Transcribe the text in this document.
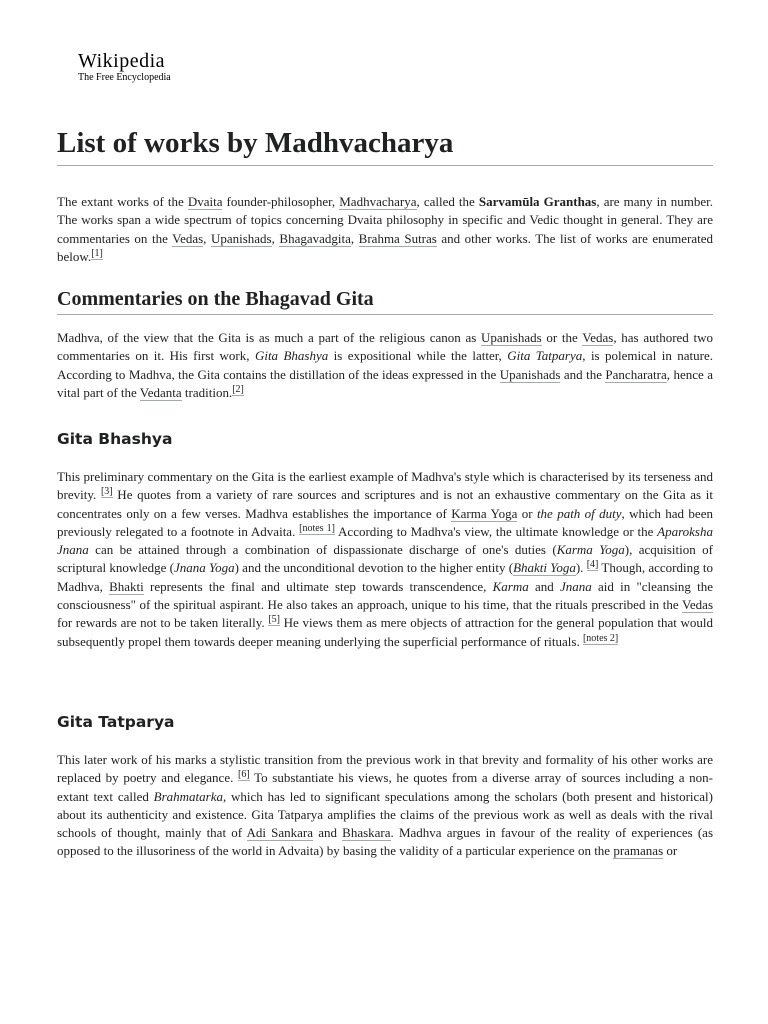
Wikipedia
The Free Encyclopedia
List of works by Madhvacharya

The extant works of the Dvaita founder-philosopher, Madhvacharya, called the Sarvamūla Granthas, are many in number. The works span a wide spectrum of topics concerning Dvaita philosophy in specific and Vedic thought in general. They are commentaries on the Vedas, Upanishads, Bhagavadgita, Brahma Sutras and other works. The list of works are enumerated below.[1]

Commentaries on the Bhagavad Gita

Madhva, of the view that the Gita is as much a part of the religious canon as Upanishads or the Vedas, has authored two commentaries on it. His first work, Gita Bhashya is expositional while the latter, Gita Tatparya, is polemical in nature. According to Madhva, the Gita contains the distillation of the ideas expressed in the Upanishads and the Pancharatra, hence a vital part of the Vedanta tradition.[2]

Gita Bhashya

This preliminary commentary on the Gita is the earliest example of Madhva's style which is characterised by its terseness and brevity. [3] He quotes from a variety of rare sources and scriptures and is not an exhaustive commentary on the Gita as it concentrates only on a few verses. Madhva establishes the importance of Karma Yoga or the path of duty, which had been previously relegated to a footnote in Advaita. [notes 1] According to Madhva's view, the ultimate knowledge or the Aparoksha Jnana can be attained through a combination of dispassionate discharge of one's duties (Karma Yoga), acquisition of scriptural knowledge (Jnana Yoga) and the unconditional devotion to the higher entity (Bhakti Yoga). [4] Though, according to Madhva, Bhakti represents the final and ultimate step towards transcendence, Karma and Jnana aid in "cleansing the consciousness" of the spiritual aspirant. He also takes an approach, unique to his time, that the rituals prescribed in the Vedas for rewards are not to be taken literally. [5] He views them as mere objects of attraction for the general population that would subsequently propel them towards deeper meaning underlying the superficial performance of rituals. [notes 2]

Gita Tatparya

This later work of his marks a stylistic transition from the previous work in that brevity and formality of his other works are replaced by poetry and elegance. [6] To substantiate his views, he quotes from a diverse array of sources including a non-extant text called Brahmatarka, which has led to significant speculations among the scholars (both present and historical) about its authenticity and existence. Gita Tatparya amplifies the claims of the previous work as well as deals with the rival schools of thought, mainly that of Adi Sankara and Bhaskara. Madhva argues in favour of the reality of experiences (as opposed to the illusoriness of the world in Advaita) by basing the validity of a particular experience on the pramanas or
